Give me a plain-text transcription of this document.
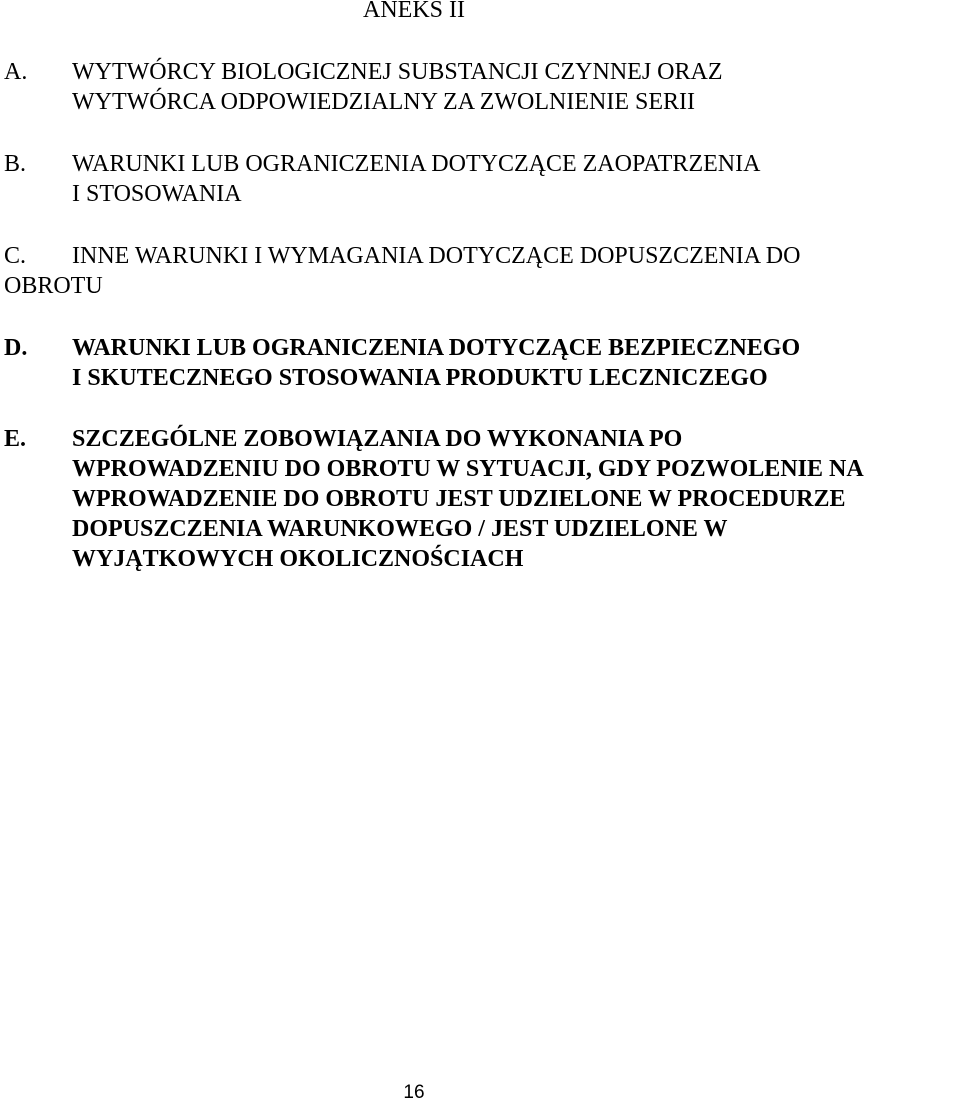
ANEKS II
A. WYTWÓRCY BIOLOGICZNEJ SUBSTANCJI CZYNNEJ ORAZ
WYTWÓRCA ODPOWIEDZIALNY ZA ZWOLNIENIE SERII
B. WARUNKI LUB OGRANICZENIA DOTYCZĄCE ZAOPATRZENIA
I STOSOWANIA
C. INNE WARUNKI I WYMAGANIA DOTYCZĄCE DOPUSZCZENIA DO
OBROTU
D. WARUNKI LUB OGRANICZENIA DOTYCZĄCE BEZPIECZNEGO
I SKUTECZNEGO STOSOWANIA PRODUKTU LECZNICZEGO
E. SZCZEGÓLNE ZOBOWIĄZANIA DO WYKONANIA PO
WPROWADZENIU DO OBROTU W SYTUACJI, GDY POZWOLENIE NA
WPROWADZENIE DO OBROTU JEST UDZIELONE W PROCEDURZE
DOPUSZCZENIA WARUNKOWEGO / JEST UDZIELONE W
WYJĄTKOWYCH OKOLICZNOŚCIACH
16
